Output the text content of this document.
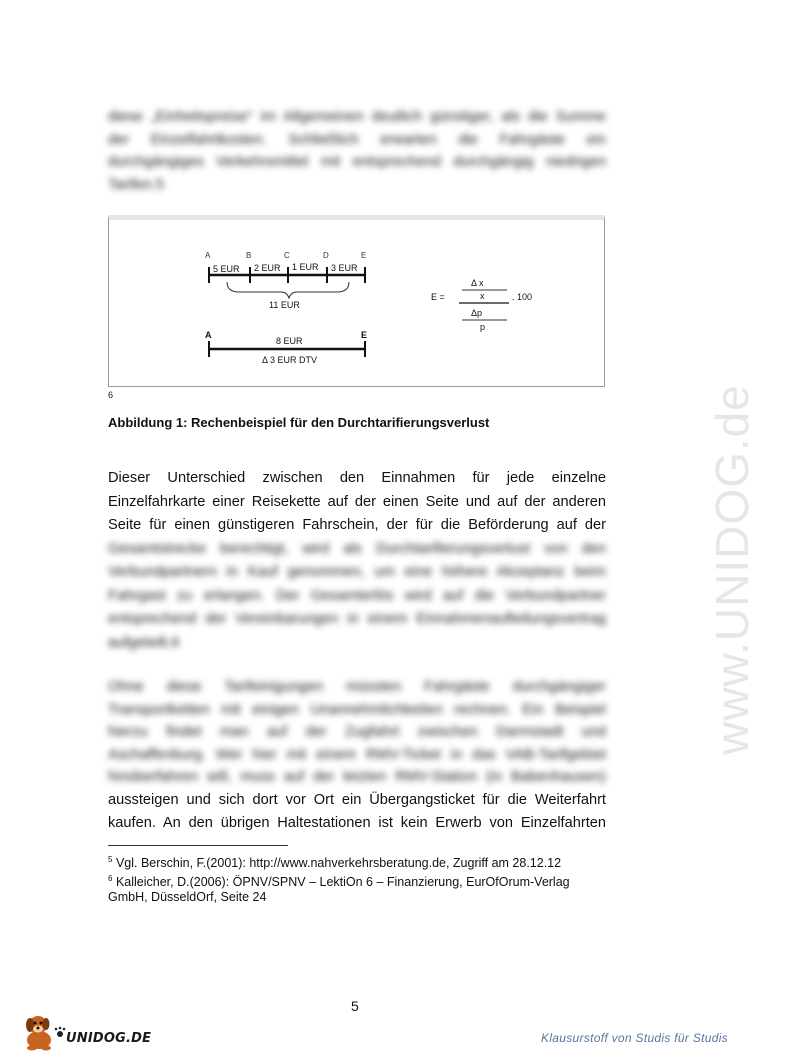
www.UNIDOG.de
diese „Einheitspreise“ im Allgemeinen deutlich günstiger, als die Summe
der Einzelfahrtkosten. Schließlich erwarten die Fahrgäste ein
durchgängiges Verkehrsmittel mit entsprechend durchgängig niedrigen
Tarifen.5
A	B	C	D	E
5 EUR 2 EUR 1 EUR 3 EUR
11 EUR
A	E
8 EUR
Δ 3 EUR DTV
E =
Δ x
x
Δp
p
. 100
6
Abbildung 1: Rechenbeispiel für den Durchtarifierungsverlust
Dieser Unterschied zwischen den Einnahmen für jede einzelne
Einzelfahrkarte einer Reisekette auf der einen Seite und auf der anderen
Seite für einen günstigeren Fahrschein, der für die Beförderung auf der
Gesamtstrecke berechtigt, wird als Durchtarifierungsverlust von den
Verbundpartnern in Kauf genommen, um eine höhere Akzeptanz beim
Fahrgast zu erlangen. Der Gesamterlös wird auf die Verbundpartner
entsprechend der Vereinbarungen in einem Einnahmenaufteilungsvertrag
aufgeteilt.6
Ohne diese Tarifeinigungen müssten Fahrgäste durchgängiger
Transportketten mit einigen Unannehmlichkeiten rechnen. Ein Beispiel
hierzu findet man auf der Zugfahrt zwischen Darmstadt und
Aschaffenburg. Wer hier mit einem RMV-Ticket in das VAB-Tarifgebiet
hinüberfahren will, muss auf der letzten RMV-Station (in Babenhausen)
aussteigen und sich dort vor Ort ein Übergangsticket für die Weiterfahrt
kaufen. An den übrigen Haltestationen ist kein Erwerb von Einzelfahrten
$^5$ Vgl. Berschin, F.(2001): http://www.nahverkehrsberatung.de, Zugriff am 28.12.12
$^6$ Kalleicher, D.(2006): ÖPNV/SPNV – LektiOn 6 – Finanzierung, EurOfOrum-Verlag GmbH, DüsseldOrf, Seite 24
5
UNIDOG.DE	Klausurstoff von Studis für Studis
